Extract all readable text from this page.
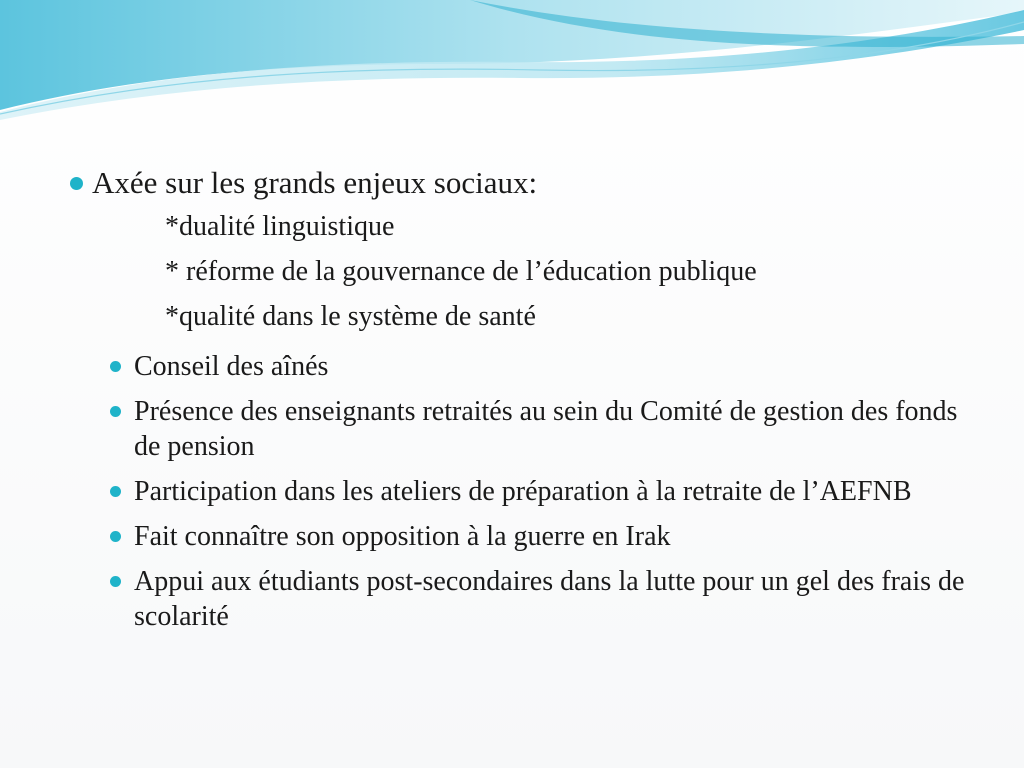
Axée sur les grands enjeux sociaux:
*dualité linguistique
* réforme de la gouvernance de l’éducation publique
*qualité dans le système de santé
Conseil des aînés
Présence des enseignants retraités au sein du Comité de gestion des fonds de pension
Participation dans les ateliers de préparation à la retraite de l’AEFNB
Fait connaître son opposition à la guerre en Irak
Appui aux étudiants post-secondaires dans la lutte pour un gel des frais de scolarité
